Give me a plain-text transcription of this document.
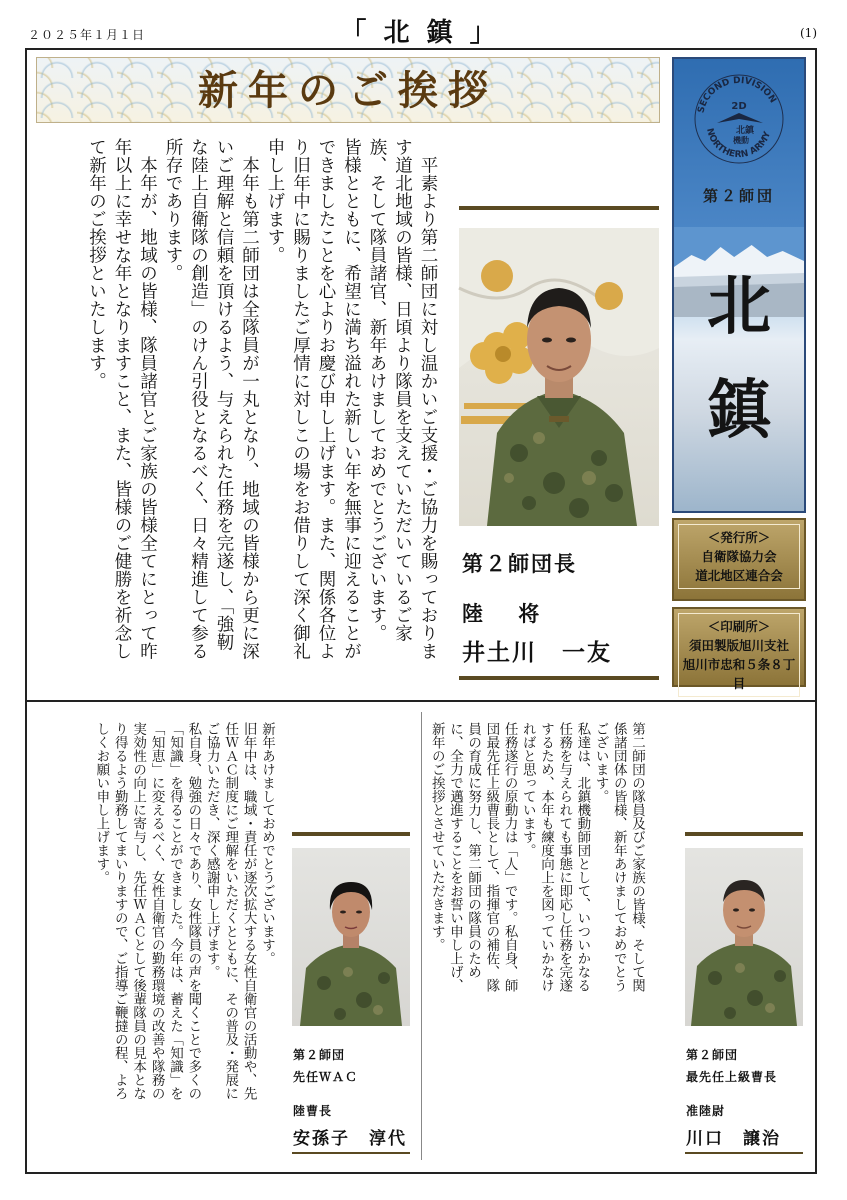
２０２５年１月１日	「 北 鎮 」	(1)
新年のご挨拶
　平素より第二師団に対し温かいご支援・ご協力を賜っております道北地域の皆様、日頃より隊員を支えていただいているご家族、そして隊員諸官、新年あけましておめでとうございます。
皆様とともに、希望に満ち溢れた新しい年を無事に迎えることができましたことを心よりお慶び申し上げます。また、関係各位より旧年中に賜りましたご厚情に対しこの場をお借りして深く御礼申し上げます。
　本年も第二師団は全隊員が一丸となり、地域の皆様から更に深いご理解と信頼を頂けるよう、与えられた任務を完遂し、「強靭な陸上自衛隊の創造」のけん引役となるべく、日々精進して参る所存であります。
　本年が、地域の皆様、隊員諸官とご家族の皆様全てにとって昨年以上に幸せな年となりますこと、また、皆様のご健勝を祈念して新年のご挨拶といたします。
第２師団長
陸 将
井土川　一友
SECOND DIVISION
NORTHERN ARMY
2D
北鎮
機動
第２師団
北
鎮
＜発行所＞
自衛隊協力会
道北地区連合会
＜印刷所＞
須田製版旭川支社
旭川市忠和５条８丁目
第二師団の隊員及びご家族の皆様、そして関係諸団体の皆様、新年あけましておめでとうございます。
私達は、北鎮機動師団として、いついかなる任務を与えられても事態に即応し任務を完遂するため、本年も練度向上を図っていかなければと思っています。
任務遂行の原動力は「人」です。私自身、師団最先任上級曹長として、指揮官の補佐、隊員の育成に努力し、第二師団の隊員のために、全力で邁進することをお誓い申し上げ、新年のご挨拶とさせていただきます。
第２師団
最先任上級曹長
准陸尉
川口　譲治
新年あけましておめでとうございます。
旧年中は、職域・責任が逐次拡大する女性自衛官の活動や、先任ＷＡＣ制度にご理解をいただくとともに、その普及・発展にご協力いただき、深く感謝申し上げます。
私自身、勉強の日々であり、女性隊員の声を聞くことで多くの「知識」を得ることができました。今年は、蓄えた「知識」を「知恵」に変えるべく、女性自衛官の勤務環境の改善や隊務の実効性の向上に寄与し、先任ＷＡＣとして後輩隊員の見本となり得るよう勤務してまいりますので、ご指導ご鞭撻の程、よろしくお願い申し上げます。
第２師団
先任ＷＡＣ
陸曹長
安孫子　淳代
